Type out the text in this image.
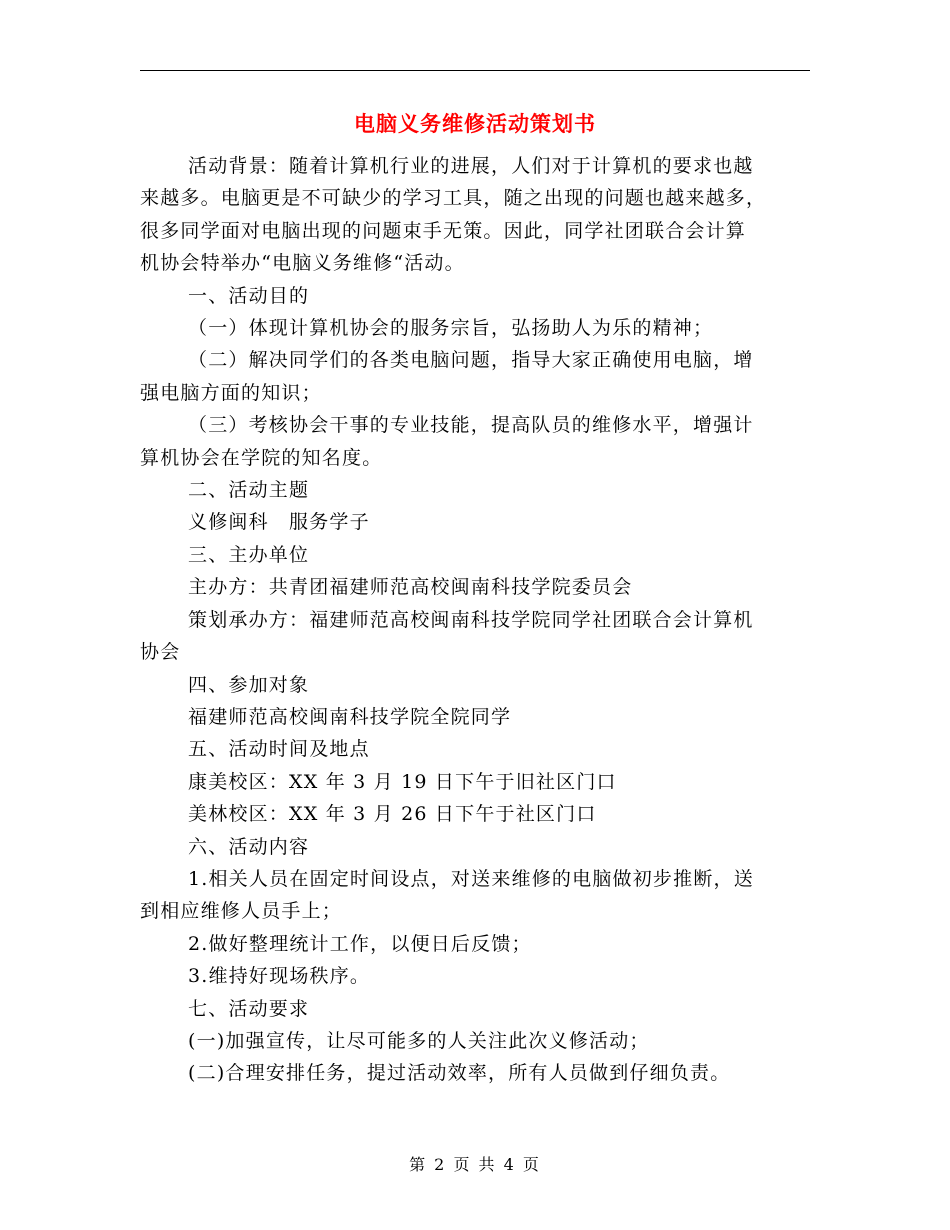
电脑义务维修活动策划书

活动背景：随着计算机行业的进展，人们对于计算机的要求也越

来越多。电脑更是不可缺少的学习工具，随之出现的问题也越来越多，

很多同学面对电脑出现的问题束手无策。因此，同学社团联合会计算

机协会特举办“电脑义务维修“活动。

一、活动目的

（一）体现计算机协会的服务宗旨，弘扬助人为乐的精神；

（二）解决同学们的各类电脑问题，指导大家正确使用电脑，增

强电脑方面的知识；

（三）考核协会干事的专业技能，提高队员的维修水平，增强计

算机协会在学院的知名度。

二、活动主题

义修闽科　服务学子

三、主办单位

主办方：共青团福建师范高校闽南科技学院委员会

策划承办方：福建师范高校闽南科技学院同学社团联合会计算机

协会

四、参加对象

福建师范高校闽南科技学院全院同学

五、活动时间及地点

康美校区：XX 年 3 月 19 日下午于旧社区门口

美林校区：XX 年 3 月 26 日下午于社区门口

六、活动内容

1.相关人员在固定时间设点，对送来维修的电脑做初步推断，送

到相应维修人员手上；

2.做好整理统计工作，以便日后反馈；

3.维持好现场秩序。

七、活动要求

(一)加强宣传，让尽可能多的人关注此次义修活动；

(二)合理安排任务，提过活动效率，所有人员做到仔细负责。

第 2 页 共 4 页
